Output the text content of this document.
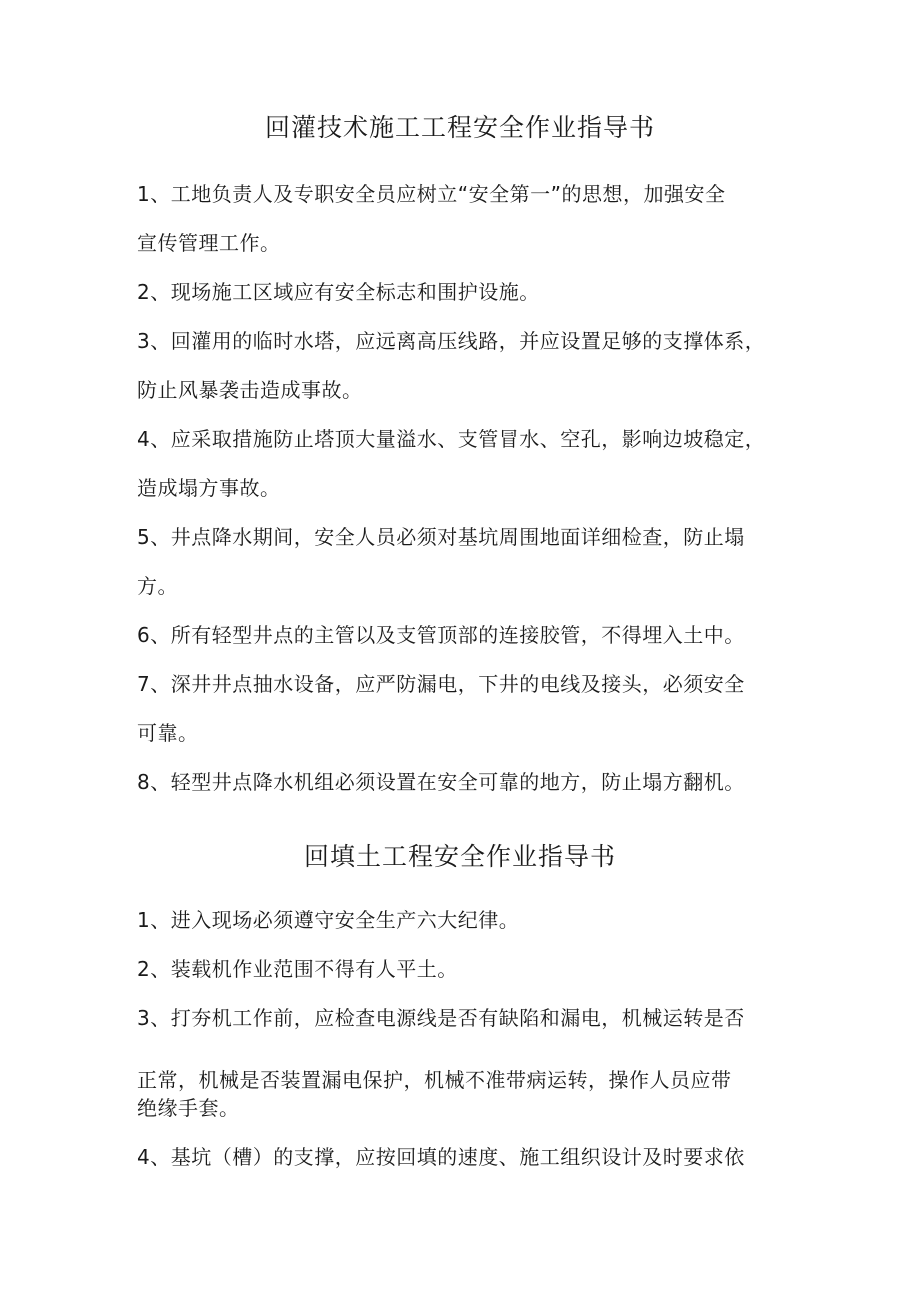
回灌技术施工工程安全作业指导书
1、工地负责人及专职安全员应树立“安全第一”的思想，加强安全
宣传管理工作。
2、现场施工区域应有安全标志和围护设施。
3、回灌用的临时水塔，应远离高压线路，并应设置足够的支撑体系，
防止风暴袭击造成事故。
4、应采取措施防止塔顶大量溢水、支管冒水、空孔，影响边坡稳定，
造成塌方事故。
5、井点降水期间，安全人员必须对基坑周围地面详细检查，防止塌
方。
6、所有轻型井点的主管以及支管顶部的连接胶管，不得埋入土中。
7、深井井点抽水设备，应严防漏电，下井的电线及接头，必须安全
可靠。
8、轻型井点降水机组必须设置在安全可靠的地方，防止塌方翻机。
回填土工程安全作业指导书
1、进入现场必须遵守安全生产六大纪律。
2、装载机作业范围不得有人平土。
3、打夯机工作前，应检查电源线是否有缺陷和漏电，机械运转是否
正常，机械是否装置漏电保护，机械不准带病运转，操作人员应带
绝缘手套。
4、基坑（槽）的支撑，应按回填的速度、施工组织设计及时要求依
